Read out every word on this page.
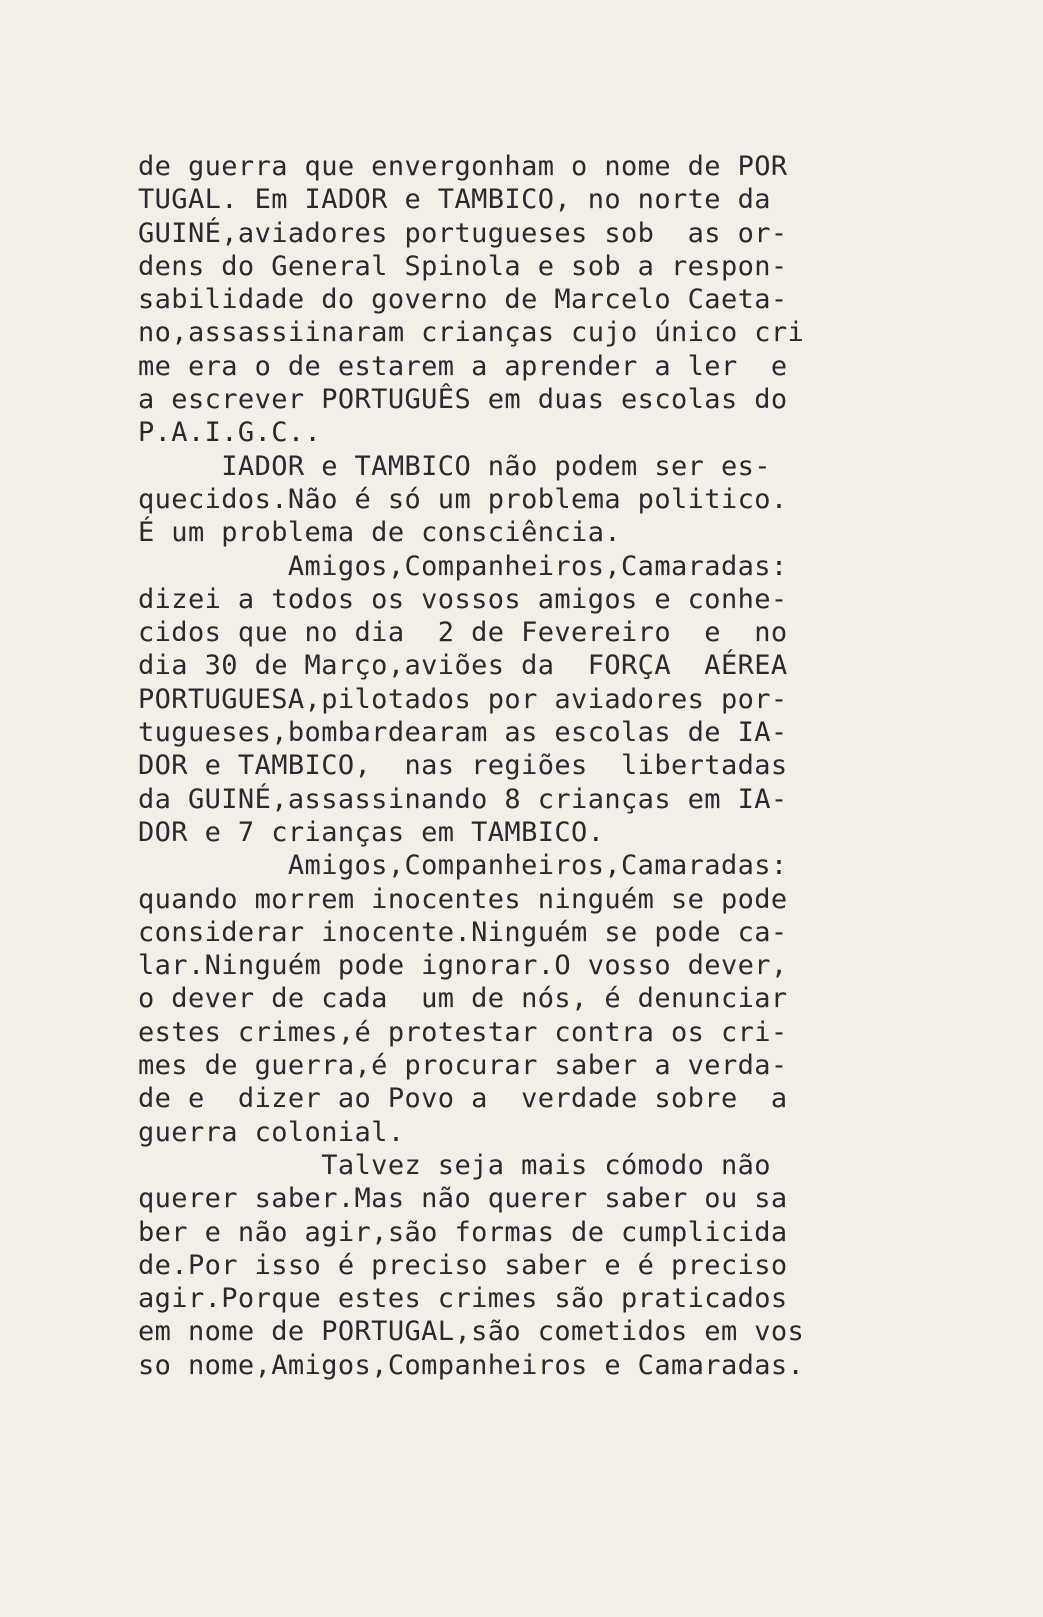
de guerra que envergonham o nome de POR
TUGAL. Em IADOR e TAMBICO, no norte da
GUINÉ,aviadores portugueses sob  as or-
dens do General Spinola e sob a respon-
sabilidade do governo de Marcelo Caeta-
no,assassiinaram crianças cujo único cri
me era o de estarem a aprender a ler  e
a escrever PORTUGUÊS em duas escolas do
P.A.I.G.C..
IADOR e TAMBICO não podem ser es-
quecidos.Não é só um problema politico.
É um problema de consciência.
Amigos,Companheiros,Camaradas:
dizei a todos os vossos amigos e conhe-
cidos que no dia  2 de Fevereiro  e  no
dia 30 de Março,aviões da  FORÇA  AÉREA
PORTUGUESA,pilotados por aviadores por-
tugueses,bombardearam as escolas de IA-
DOR e TAMBICO,  nas regiões  libertadas
da GUINÉ,assassinando 8 crianças em IA-
DOR e 7 crianças em TAMBICO.
Amigos,Companheiros,Camaradas:
quando morrem inocentes ninguém se pode
considerar inocente.Ninguém se pode ca-
lar.Ninguém pode ignorar.O vosso dever,
o dever de cada  um de nós, é denunciar
estes crimes,é protestar contra os cri-
mes de guerra,é procurar saber a verda-
de e  dizer ao Povo a  verdade sobre  a
guerra colonial.
Talvez seja mais cómodo não
querer saber.Mas não querer saber ou sa
ber e não agir,são formas de cumplicida
de.Por isso é preciso saber e é preciso
agir.Porque estes crimes são praticados
em nome de PORTUGAL,são cometidos em vos
so nome,Amigos,Companheiros e Camaradas.
